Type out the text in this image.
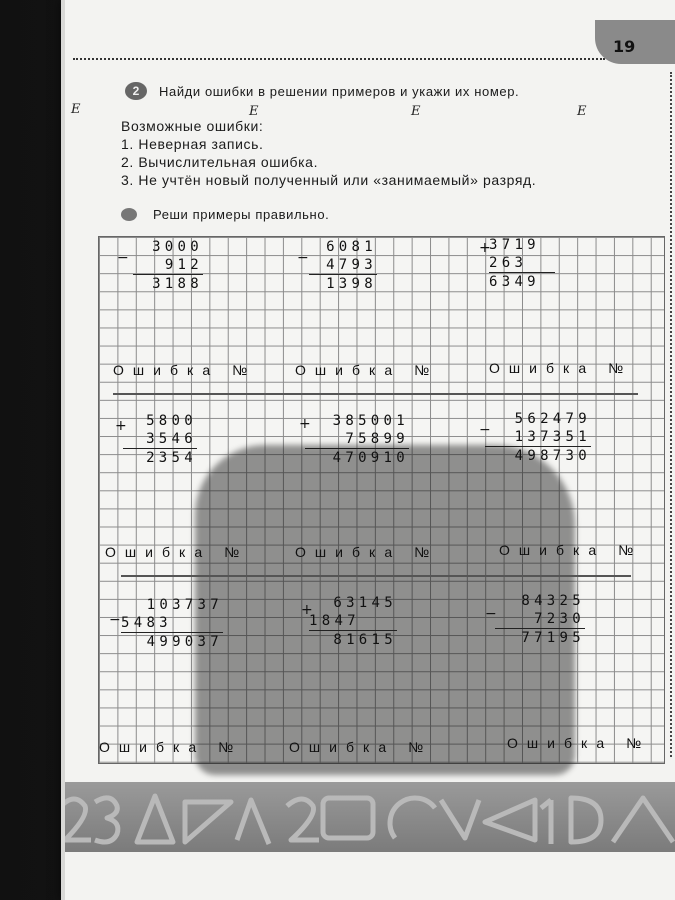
19
2	Найди ошибки в решении примеров и укажи их номер.
E	E	E	E
Возможные ошибки:
1. Неверная запись.
2. Вычислительная ошибка.
3. Не учтён новый полученный или «занимаемый» разряд.
Реши примеры правильно.
−
3000
912
3188
−
6081
4793
1398
+
3719
263
6349
Ошибка №	Ошибка №	Ошибка №
+	5800
3546
2354
+	385001
75899
470910
−
562479
137351
498730
Ошибка №	Ошибка №	Ошибка №
−
103737
5483
499037
+	63145
1847
81615
−
84325
7230
77195
Ошибка №	Ошибка №	Ошибка №
